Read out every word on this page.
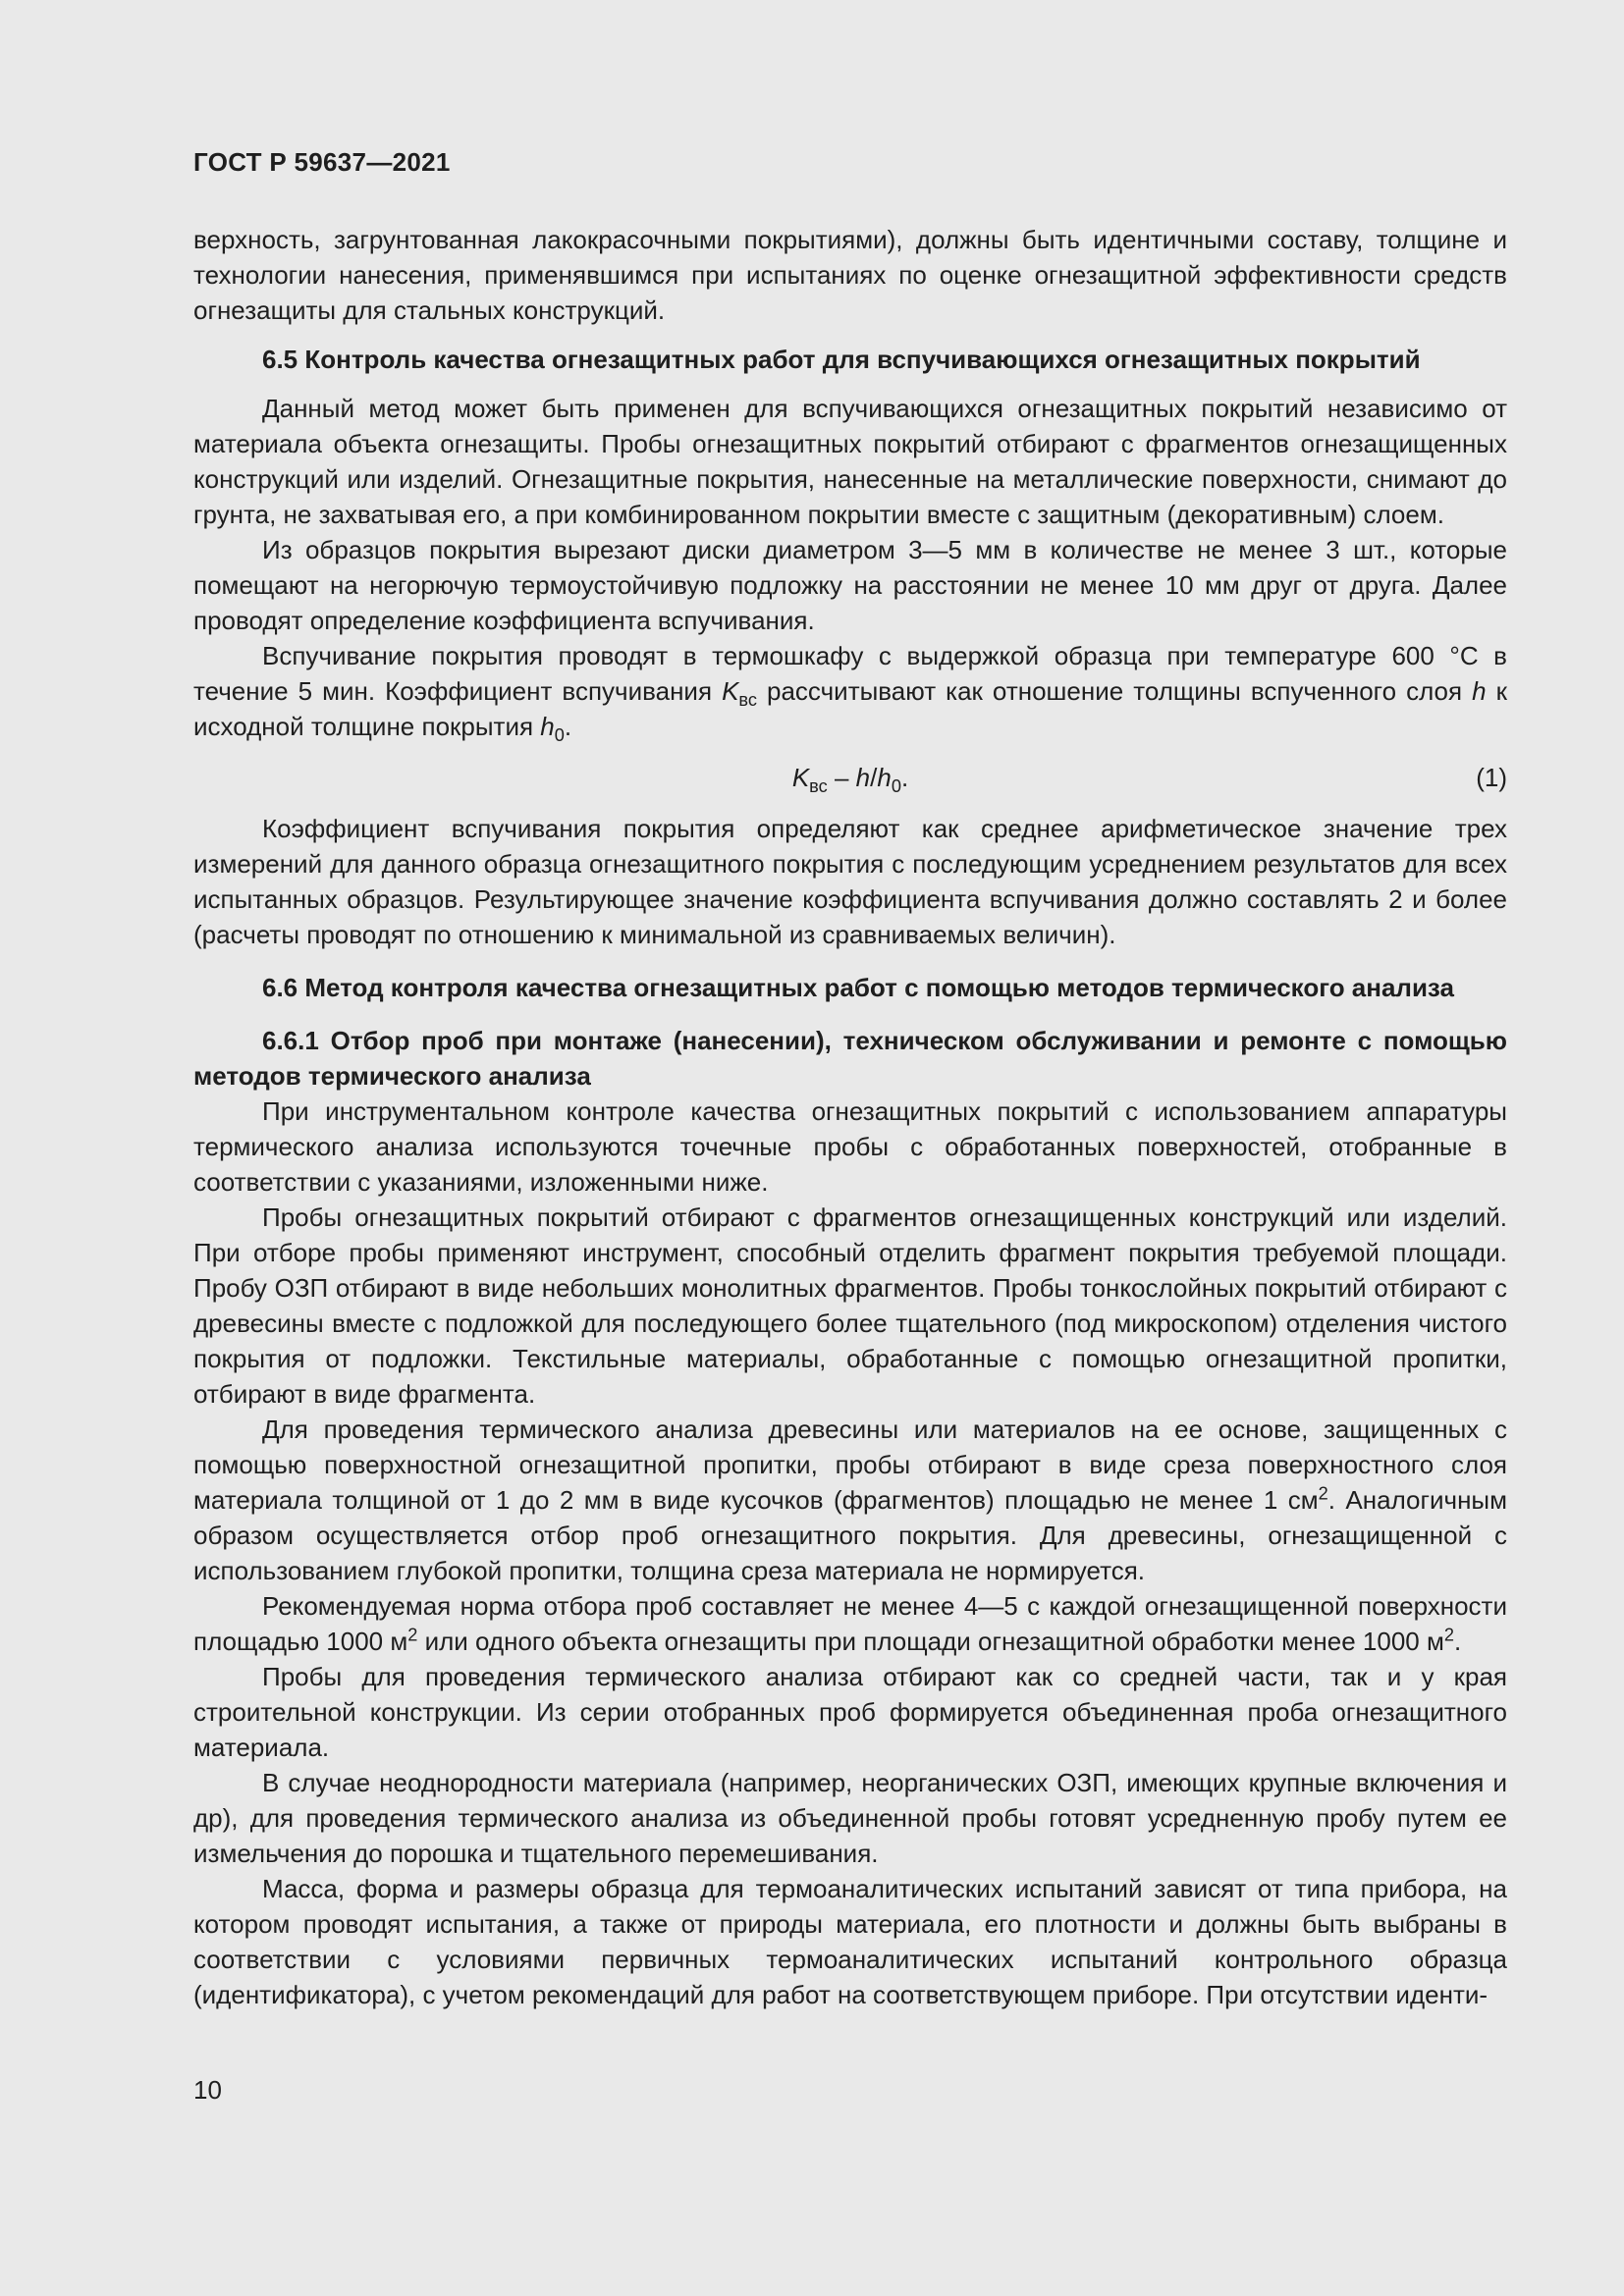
ГОСТ Р 59637—2021

верхность, загрунтованная лакокрасочными покрытиями), должны быть идентичными составу, толщине и технологии нанесения, применявшимся при испытаниях по оценке огнезащитной эффективности средств огнезащиты для стальных конструкций.

6.5 Контроль качества огнезащитных работ для вспучивающихся огнезащитных покрытий

Данный метод может быть применен для вспучивающихся огнезащитных покрытий независимо от материала объекта огнезащиты. Пробы огнезащитных покрытий отбирают с фрагментов огнезащищенных конструкций или изделий. Огнезащитные покрытия, нанесенные на металлические поверхности, снимают до грунта, не захватывая его, а при комбинированном покрытии вместе с защитным (декоративным) слоем.

Из образцов покрытия вырезают диски диаметром 3—5 мм в количестве не менее 3 шт., которые помещают на негорючую термоустойчивую подложку на расстоянии не менее 10 мм друг от друга. Далее проводят определение коэффициента вспучивания.

Вспучивание покрытия проводят в термошкафу с выдержкой образца при температуре 600 °С в течение 5 мин. Коэффициент вспучивания $K_{вс}$ рассчитывают как отношение толщины вспученного слоя h к исходной толщине покрытия $h_0$.

$K_{вс} - h/h_0$.	(1)

Коэффициент вспучивания покрытия определяют как среднее арифметическое значение трех измерений для данного образца огнезащитного покрытия с последующим усреднением результатов для всех испытанных образцов. Результирующее значение коэффициента вспучивания должно составлять 2 и более (расчеты проводят по отношению к минимальной из сравниваемых величин).

6.6 Метод контроля качества огнезащитных работ с помощью методов термического анализа

6.6.1 Отбор проб при монтаже (нанесении), техническом обслуживании и ремонте с помощью методов термического анализа

При инструментальном контроле качества огнезащитных покрытий с использованием аппаратуры термического анализа используются точечные пробы с обработанных поверхностей, отобранные в соответствии с указаниями, изложенными ниже.

Пробы огнезащитных покрытий отбирают с фрагментов огнезащищенных конструкций или изделий. При отборе пробы применяют инструмент, способный отделить фрагмент покрытия требуемой площади. Пробу ОЗП отбирают в виде небольших монолитных фрагментов. Пробы тонкослойных покрытий отбирают с древесины вместе с подложкой для последующего более тщательного (под микроскопом) отделения чистого покрытия от подложки. Текстильные материалы, обработанные с помощью огнезащитной пропитки, отбирают в виде фрагмента.

Для проведения термического анализа древесины или материалов на ее основе, защищенных с помощью поверхностной огнезащитной пропитки, пробы отбирают в виде среза поверхностного слоя материала толщиной от 1 до 2 мм в виде кусочков (фрагментов) площадью не менее 1 $см^2$. Аналогичным образом осуществляется отбор проб огнезащитного покрытия. Для древесины, огнезащищенной с использованием глубокой пропитки, толщина среза материала не нормируется.

Рекомендуемая норма отбора проб составляет не менее 4—5 с каждой огнезащищенной поверхности площадью 1000 $м^2$ или одного объекта огнезащиты при площади огнезащитной обработки менее 1000 $м^2$.

Пробы для проведения термического анализа отбирают как со средней части, так и у края строительной конструкции. Из серии отобранных проб формируется объединенная проба огнезащитного материала.

В случае неоднородности материала (например, неорганических ОЗП, имеющих крупные включения и др), для проведения термического анализа из объединенной пробы готовят усредненную пробу путем ее измельчения до порошка и тщательного перемешивания.

Масса, форма и размеры образца для термоаналитических испытаний зависят от типа прибора, на котором проводят испытания, а также от природы материала, его плотности и должны быть выбраны в соответствии с условиями первичных термоаналитических испытаний контрольного образца (идентификатора), с учетом рекомендаций для работ на соответствующем приборе. При отсутствии иденти-

10
